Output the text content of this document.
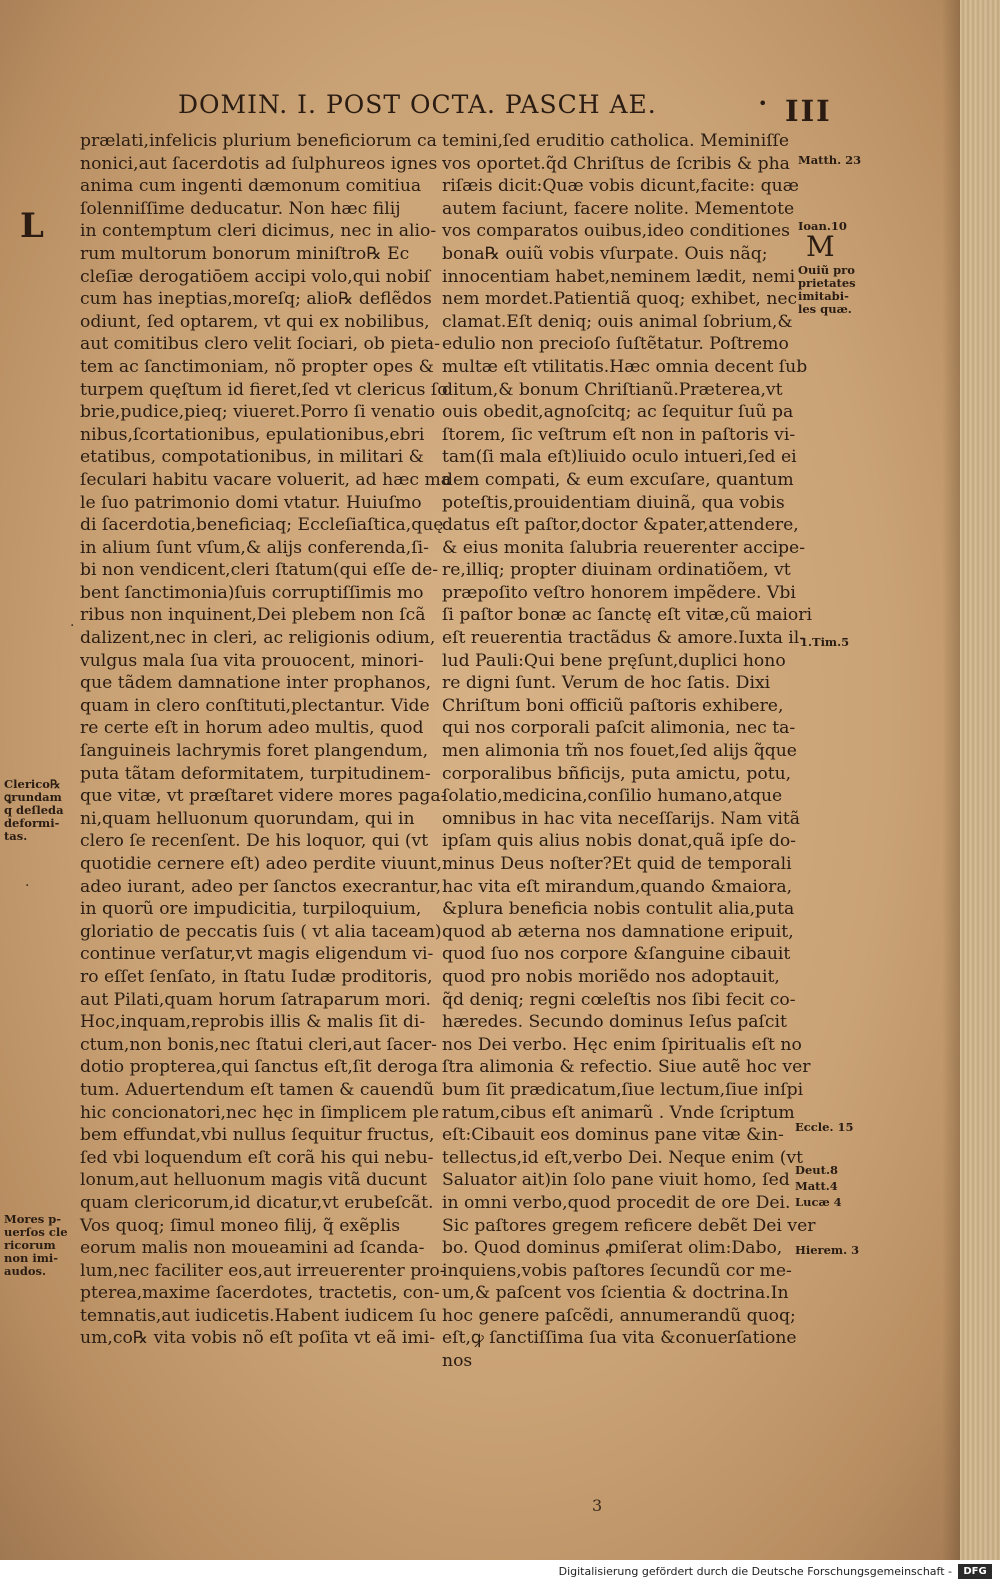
DOMIN. I. POST OCTA. PASCH AE.	• III
L
Clerico℞
ꝗrundam
q deſleda
deformi-
tas.
Mores p-
uerſos cle
ricorum
non imi-
audos.
prælati,infelicis plurium beneficiorum ca
nonici,aut ſacerdotis ad ſulphureos ignes
anima cum ingenti dæmonum comitiua
ſolenniſſime deducatur. Non hæc filij
in contemptum cleri dicimus, nec in alio-
rum multorum bonorum miniſtro℞ Ec
cleſiæ derogatiōem accipi volo,qui nobiſ
cum has ineptias,moreſq; alio℞ deflẽdos
odiunt, ſed optarem, vt qui ex nobilibus,
aut comitibus clero velit ſociari, ob pieta-
tem ac ſanctimoniam, nõ propter opes &
turpem quęſtum id fieret,ſed vt clericus ſo
brie,pudice,pieq; viueret.Porro ſi venatio
nibus,ſcortationibus, epulationibus,ebri
etatibus, compotationibus, in militari &
ſeculari habitu vacare voluerit, ad hæc ma
le ſuo patrimonio domi vtatur. Huiuſmo
di ſacerdotia,beneficiaq; Eccleſiaſtica,quę
in alium ſunt vſum,& alijs conferenda,ſi-
bi non vendicent,cleri ſtatum(qui eſſe de-
bent ſanctimonia)ſuis corruptiſſimis mo
ribus non inquinent,Dei plebem non ſcã
dalizent,nec in cleri, ac religionis odium,
vulgus mala ſua vita prouocent, minori-
que tãdem damnatione inter prophanos,
quam in clero conſtituti,plectantur. Vide
re certe eſt in horum adeo multis, quod
ſanguineis lachrymis foret plangendum,
puta tãtam deformitatem, turpitudinem-
que vitæ, vt præſtaret videre mores paga-
ni,quam helluonum quorundam, qui in
clero ſe recenſent. De his loquor, qui (vt
quotidie cernere eſt) adeo perdite viuunt,
adeo iurant, adeo per ſanctos execrantur,
in quorũ ore impudicitia, turpiloquium,
gloriatio de peccatis ſuis ( vt alia taceam)
continue verſatur,vt magis eligendum vi-
ro eſſet ſenſato, in ſtatu Iudæ proditoris,
aut Pilati,quam horum ſatraparum mori.
Hoc,inquam,reprobis illis & malis ſit di-
ctum,non bonis,nec ſtatui cleri,aut ſacer-
dotio propterea,qui ſanctus eſt,ſit deroga
tum. Aduertendum eſt tamen & cauendũ
hic concionatori,nec hęc in ſimplicem ple
bem effundat,vbi nullus ſequitur fructus,
ſed vbi loquendum eſt corã his qui nebu-
lonum,aut helluonum magis vitã ducunt
quam clericorum,id dicatur,vt erubeſcãt.
Vos quoq; ſimul moneo filij, q̃ exẽplis
eorum malis non moueamini ad ſcanda-
lum,nec faciliter eos,aut irreuerenter pro-
ptereа,maxime ſacerdotes, tractetis, con-
temnatis,aut iudicetis.Habent iudicem ſu
um,co℞ vita vobis nõ eſt poſita vt eã imi-
temini,ſed eruditio catholica. Meminiſſe
vos oportet.q̃d Chriſtus de ſcribis & pha
riſæis dicit:Quæ vobis dicunt,facite: quæ
autem faciunt, facere nolite. Mementote
vos comparatos ouibus,ideo conditiones
bona℞ ouiũ vobis vſurpate. Ouis nãq;
innocentiam habet,neminem lædit, nemi
nem mordet.Patientiã quoq; exhibet, nec
clamat.Eſt deniq; ouis animal ſobrium,&
edulio non precioſo ſuſtẽtatur. Poſtremo
multæ eſt vtilitatis.Hæc omnia decent ſub
ditum,& bonum Chriſtianũ.Præterea,vt
ouis obedit,agnoſcitq; ac ſequitur ſuũ pa
ſtorem, ſic veſtrum eſt non in paſtoris vi-
tam(ſi mala eſt)liuido oculo intueri,ſed ei
dem compati, & eum excuſare, quantum
poteſtis,prouidentiam diuinã, qua vobis
datus eſt paſtor,doctor &pater,attendere,
& eius monita ſalubria reuerenter accipe-
re,illiq; propter diuinam ordinatiõem, vt
præpoſito veſtro honorem impẽdere. Vbi
ſi paſtor bonæ ac ſanctę eſt vitæ,cũ maiori
eſt reuerentia tractãdus & amore.Iuxta il-
lud Pauli:Qui bene pręſunt,duplici hono
re digni ſunt. Verum de hoc ſatis. Dixi
Chriſtum boni officiũ paſtoris exhibere,
qui nos corporali paſcit alimonia, nec ta-
men alimonia tm̃ nos fouet,ſed alijs q̃que
corporalibus bñficijs, puta amictu, potu,
ſolatio,medicina,conſilio humano,atque
omnibus in hac vita neceſſarijs. Nam vitã
ipſam quis alius nobis donat,quã ipſe do-
minus Deus noſter?Et quid de temporali
hac vita eſt mirandum,quando &maiora,
&plura beneficia nobis contulit alia,puta
quod ab æterna nos damnatione eripuit,
quod ſuo nos corpore &ſanguine cibauit
quod pro nobis moriẽdo nos adoptauit,
q̃d deniq; regni cœleſtis nos ſibi fecit co-
hæredes. Secundo dominus Ieſus paſcit
nos Dei verbo. Hęc enim ſpiritualis eſt no
ſtra alimonia & refectio. Siue autẽ hoc ver
bum ſit prædicatum,ſiue lectum,ſiue inſpi
ratum,cibus eſt animarũ . Vnde ſcriptum
eſt:Cibauit eos dominus pane vitæ &in-
tellectus,id eſt,verbo Dei. Neque enim (vt
Saluator ait)in ſolo pane viuit homo, ſed
in omni verbo,quod procedit de ore Dei.
Sic paſtores gregem reficere debẽt Dei ver
bo. Quod dominus ꝓmiſerat olim:Dabo,
inquiens,vobis paſtores ſecundũ cor me-
um,& paſcent vos ſcientia & doctrina.In
hoc genere paſcẽdi, annumerandũ quoq;
eſt,ꝙ ſanctiſſima ſua vita &conuerſatione
nos
Matth. 23
Ioan.10
M
Ouiũ pro
prietates
imitabi-
les quæ.
1.Tim.5
Eccle. 15
Deut.8
Matt.4
Lucæ 4
Hierem. 3
·
·
3
Digitalisierung gefördert durch die Deutsche Forschungsgemeinschaft -	DFG
